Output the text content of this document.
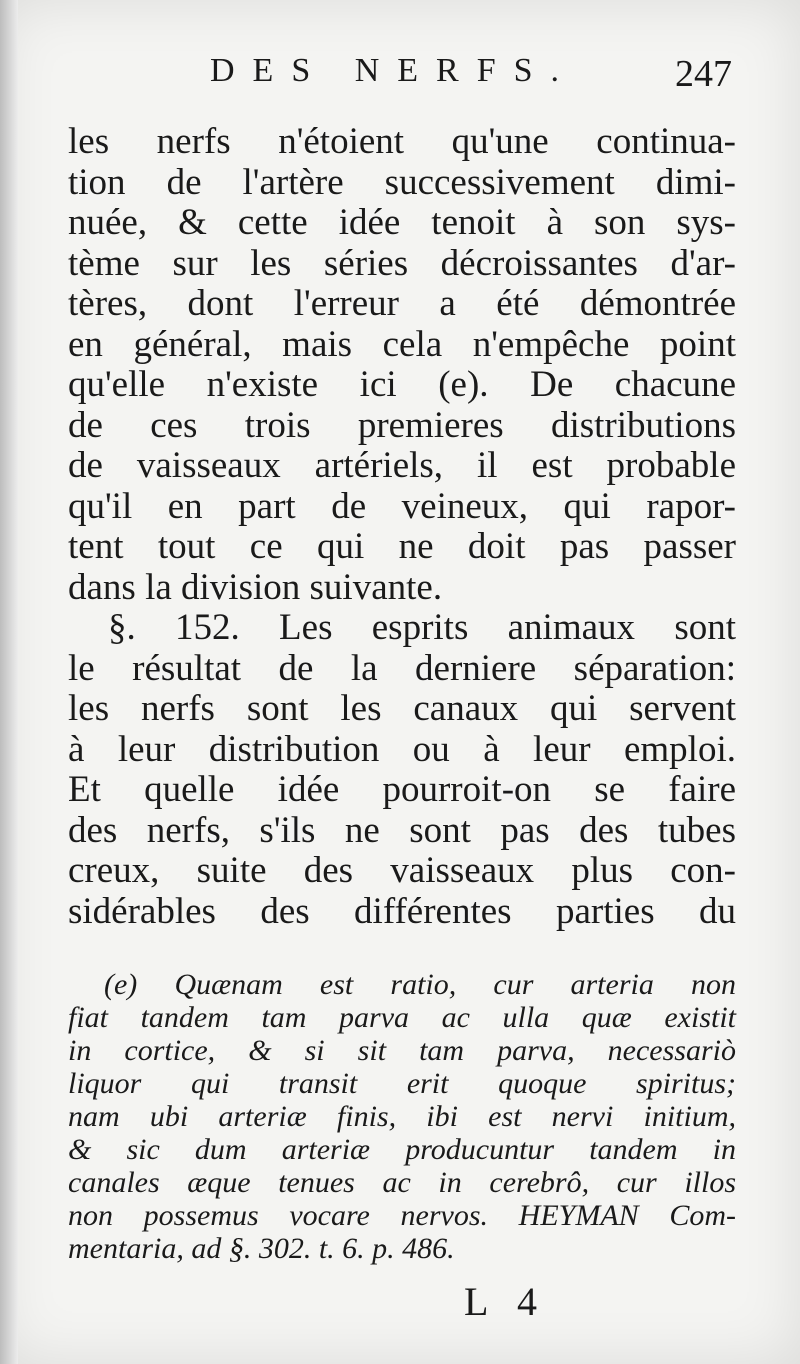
DES NERFS.	247
les nerfs n'étoient qu'une continua-
tion de l'artère successivement dimi-
nuée, & cette idée tenoit à son sys-
tème sur les séries décroissantes d'ar-
tères, dont l'erreur a été démontrée
en général, mais cela n'empêche point
qu'elle n'existe ici (e). De chacune
de ces trois premieres distributions
de vaisseaux artériels, il est probable
qu'il en part de veineux, qui rapor-
tent tout ce qui ne doit pas passer
dans la division suivante.
§. 152. Les esprits animaux sont
le résultat de la derniere séparation:
les nerfs sont les canaux qui servent
à leur distribution ou à leur emploi.
Et quelle idée pourroit-on se faire
des nerfs, s'ils ne sont pas des tubes
creux, suite des vaisseaux plus con-
sidérables des différentes parties du
(e) Quænam est ratio, cur arteria non
fiat tandem tam parva ac ulla quæ existit
in cortice, & si sit tam parva, necessariò
liquor qui transit erit quoque spiritus;
nam ubi arteriæ finis, ibi est nervi initium,
& sic dum arteriæ producuntur tandem in
canales æque tenues ac in cerebrô, cur illos
non possemus vocare nervos. HEYMAN Com-
mentaria, ad §. 302. t. 6. p. 486.
L 4
